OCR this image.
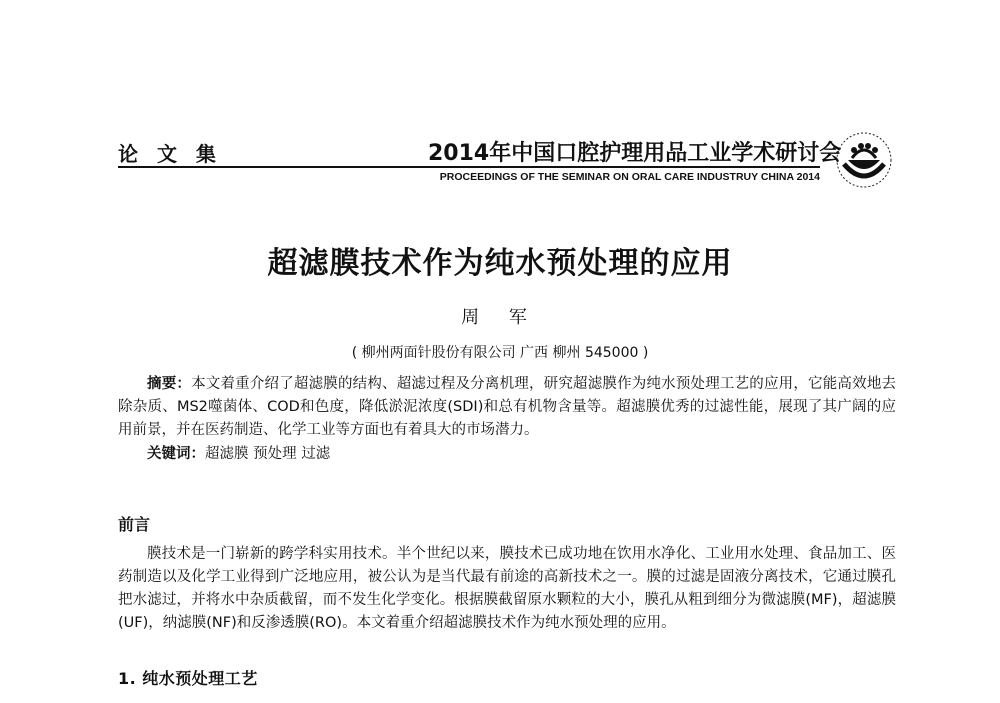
论 文 集	2014年中国口腔护理用品工业学术研讨会
PROCEEDINGS OF THE SEMINAR ON ORAL CARE INDUSTRUY CHINA 2014
超滤膜技术作为纯水预处理的应用
周 军
( 柳州两面针股份有限公司 广西 柳州 545000 )
摘要：本文着重介绍了超滤膜的结构、超滤过程及分离机理，研究超滤膜作为纯水预处理工艺的应用，它能高效地去除杂质、MS2噬菌体、COD和色度，降低淤泥浓度(SDI)和总有机物含量等。超滤膜优秀的过滤性能，展现了其广阔的应用前景，并在医药制造、化学工业等方面也有着具大的市场潜力。
关键词：超滤膜 预处理 过滤
前言
膜技术是一门崭新的跨学科实用技术。半个世纪以来，膜技术已成功地在饮用水净化、工业用水处理、食品加工、医药制造以及化学工业得到广泛地应用，被公认为是当代最有前途的高新技术之一。膜的过滤是固液分离技术，它通过膜孔把水滤过，并将水中杂质截留，而不发生化学变化。根据膜截留原水颗粒的大小，膜孔从粗到细分为微滤膜(MF)，超滤膜(UF)，纳滤膜(NF)和反渗透膜(RO)。本文着重介绍超滤膜技术作为纯水预处理的应用。
1. 纯水预处理工艺
